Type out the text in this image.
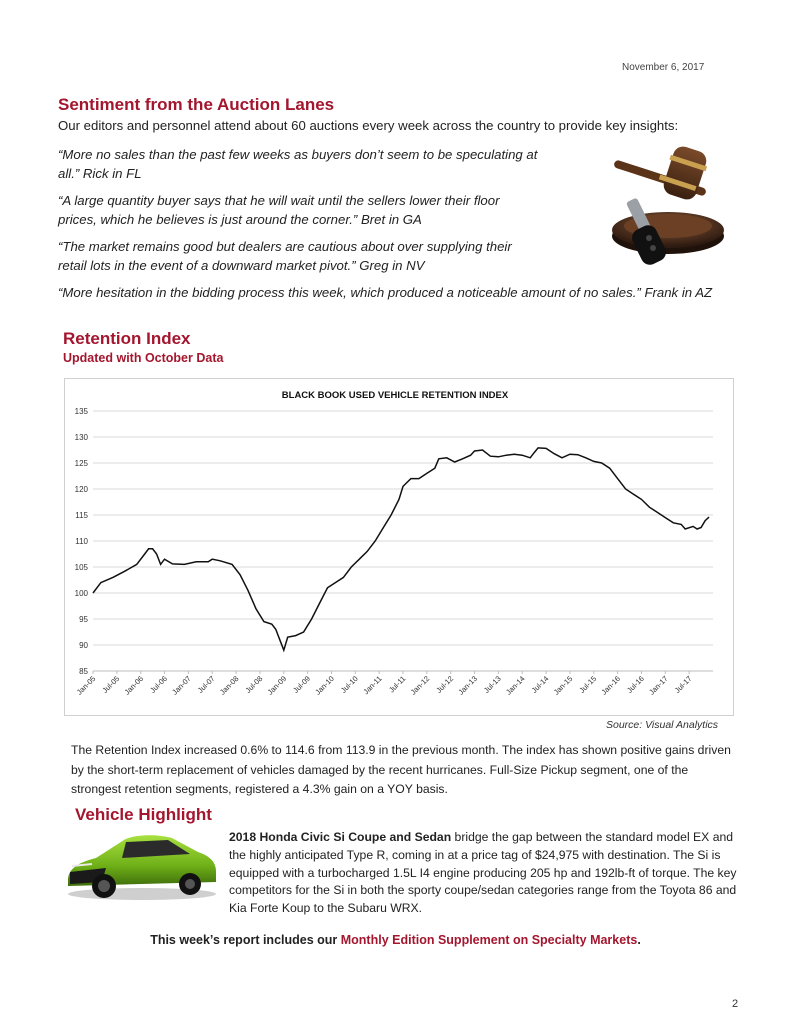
November 6, 2017
Sentiment from the Auction Lanes
Our editors and personnel attend about 60 auctions every week across the country to provide key insights:
“More no sales than the past few weeks as buyers don’t seem to be speculating at all.” Rick in FL
“A large quantity buyer says that he will wait until the sellers lower their floor prices, which he believes is just around the corner.” Bret in GA
“The market remains good but dealers are cautious about over supplying their retail lots in the event of a downward market pivot.” Greg in NV
“More hesitation in the bidding process this week, which produced a noticeable amount of no sales.” Frank in AZ
Retention Index
Updated with October Data
BLACK BOOK USED VEHICLE RETENTION INDEX
85
90
95
100
105
110
115
120
125
130
135
Jan-05 Jul-05 Jan-06 Jul-06 Jan-07 Jul-07 Jan-08 Jul-08 Jan-09 Jul-09 Jan-10 Jul-10 Jan-11 Jul-11 Jan-12 Jul-12 Jan-13 Jul-13 Jan-14 Jul-14 Jan-15 Jul-15 Jan-16 Jul-16 Jan-17 Jul-17
Source: Visual Analytics
The Retention Index increased 0.6% to 114.6 from 113.9 in the previous month. The index has shown positive gains driven by the short-term replacement of vehicles damaged by the recent hurricanes. Full-Size Pickup segment, one of the strongest retention segments, registered a 4.3% gain on a YOY basis.
Vehicle Highlight
2018 Honda Civic Si Coupe and Sedan bridge the gap between the standard model EX and the highly anticipated Type R, coming in at a price tag of $24,975 with destination. The Si is equipped with a turbocharged 1.5L I4 engine producing 205 hp and 192lb-ft of torque. The key competitors for the Si in both the sporty coupe/sedan categories range from the Toyota 86 and Kia Forte Koup to the Subaru WRX.
This week’s report includes our Monthly Edition Supplement on Specialty Markets.
2
